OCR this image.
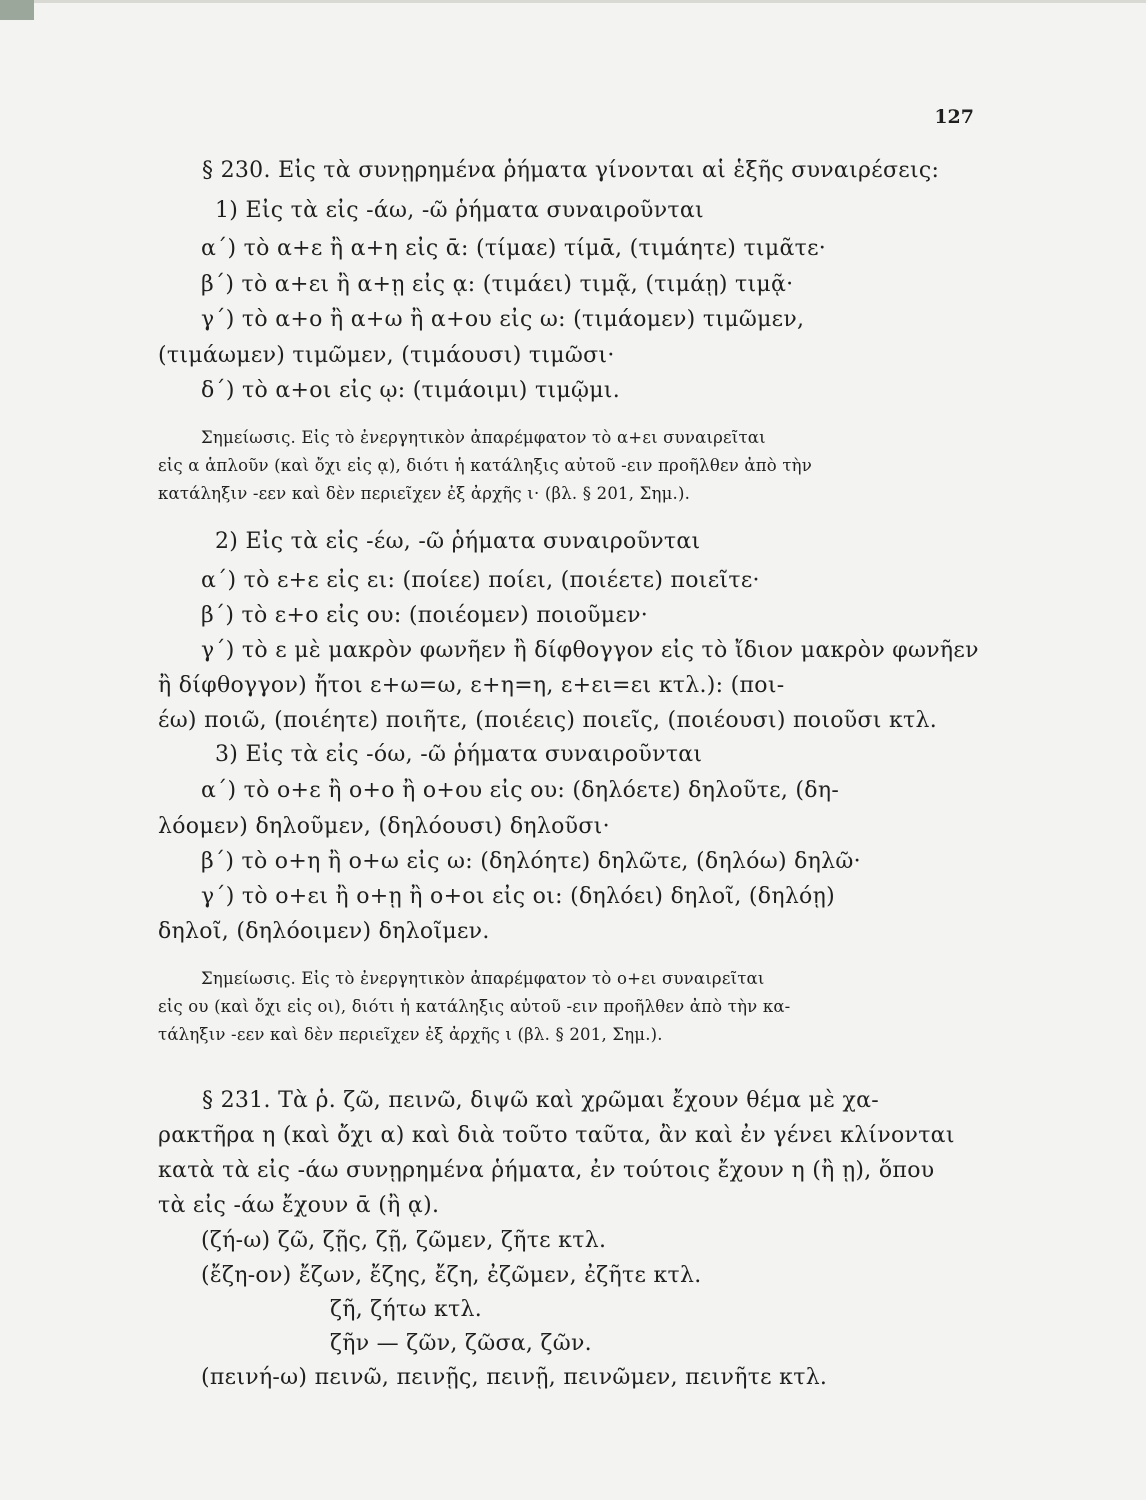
127
§ 230. Εἰς τὰ συνῃρημένα ῥήματα γίνονται αἱ ἑξῆς συναιρέσεις:
1) Εἰς τὰ εἰς -άω, -ῶ ῥήματα συναιροῦνται
α΄) τὸ α+ε ἢ α+η εἰς ᾱ: (τίμαε) τίμᾱ, (τιμάητε) τιμᾶτε·
β΄) τὸ α+ει ἢ α+ῃ εἰς ᾳ: (τιμάει) τιμᾷ, (τιμάῃ) τιμᾷ·
γ΄) τὸ α+ο ἢ α+ω ἢ α+ου εἰς ω: (τιμάομεν) τιμῶμεν,
(τιμάωμεν) τιμῶμεν, (τιμάουσι) τιμῶσι·
δ΄) τὸ α+οι εἰς ῳ: (τιμάοιμι) τιμῷμι.
Σημείωσις. Εἰς τὸ ἐνεργητικὸν ἀπαρέμφατον τὸ α+ει συναιρεῖται
εἰς α ἁπλοῦν (καὶ ὄχι εἰς ᾳ), διότι ἡ κατάληξις αὐτοῦ -ειν προῆλθεν ἀπὸ τὴν
κατάληξιν -εεν καὶ δὲν περιεῖχεν ἐξ ἀρχῆς ι· (βλ. § 201, Σημ.).
2) Εἰς τὰ εἰς -έω, -ῶ ῥήματα συναιροῦνται
α΄) τὸ ε+ε εἰς ει: (ποίεε) ποίει, (ποιέετε) ποιεῖτε·
β΄) τὸ ε+ο εἰς ου: (ποιέομεν) ποιοῦμεν·
γ΄) τὸ ε μὲ μακρὸν φωνῆεν ἢ δίφθογγον εἰς τὸ ἴδιον μακρὸν φωνῆεν
ἢ δίφθογγον) ἤτοι ε+ω=ω, ε+η=η, ε+ει=ει κτλ.): (ποι-
έω) ποιῶ, (ποιέητε) ποιῆτε, (ποιέεις) ποιεῖς, (ποιέουσι) ποιοῦσι κτλ.
3) Εἰς τὰ εἰς -όω, -ῶ ῥήματα συναιροῦνται
α΄) τὸ ο+ε ἢ ο+ο ἢ ο+ου εἰς ου: (δηλόετε) δηλοῦτε, (δη-
λόομεν) δηλοῦμεν, (δηλόουσι) δηλοῦσι·
β΄) τὸ ο+η ἢ ο+ω εἰς ω: (δηλόητε) δηλῶτε, (δηλόω) δηλῶ·
γ΄) τὸ ο+ει ἢ ο+ῃ ἢ ο+οι εἰς οι: (δηλόει) δηλοῖ, (δηλόῃ)
δηλοῖ, (δηλόοιμεν) δηλοῖμεν.
Σημείωσις. Εἰς τὸ ἐνεργητικὸν ἀπαρέμφατον τὸ ο+ει συναιρεῖται
εἰς ου (καὶ ὄχι εἰς οι), διότι ἡ κατάληξις αὐτοῦ -ειν προῆλθεν ἀπὸ τὴν κα-
τάληξιν -εεν καὶ δὲν περιεῖχεν ἐξ ἀρχῆς ι (βλ. § 201, Σημ.).
§ 231. Τὰ ῥ. ζῶ, πεινῶ, διψῶ καὶ χρῶμαι ἔχουν θέμα μὲ χα-
ρακτῆρα η (καὶ ὄχι α) καὶ διὰ τοῦτο ταῦτα, ἂν καὶ ἐν γένει κλίνονται
κατὰ τὰ εἰς -άω συνῃρημένα ῥήματα, ἐν τούτοις ἔχουν η (ἢ ῃ), ὅπου
τὰ εἰς -άω ἔχουν ᾱ (ἢ ᾳ).
(ζή-ω) ζῶ, ζῇς, ζῇ, ζῶμεν, ζῆτε κτλ.
(ἔζη-ον) ἔζων, ἔζης, ἔζη, ἐζῶμεν, ἐζῆτε κτλ.
ζῆ, ζήτω κτλ.
ζῆν — ζῶν, ζῶσα, ζῶν.
(πεινή-ω) πεινῶ, πεινῇς, πεινῇ, πεινῶμεν, πεινῆτε κτλ.
